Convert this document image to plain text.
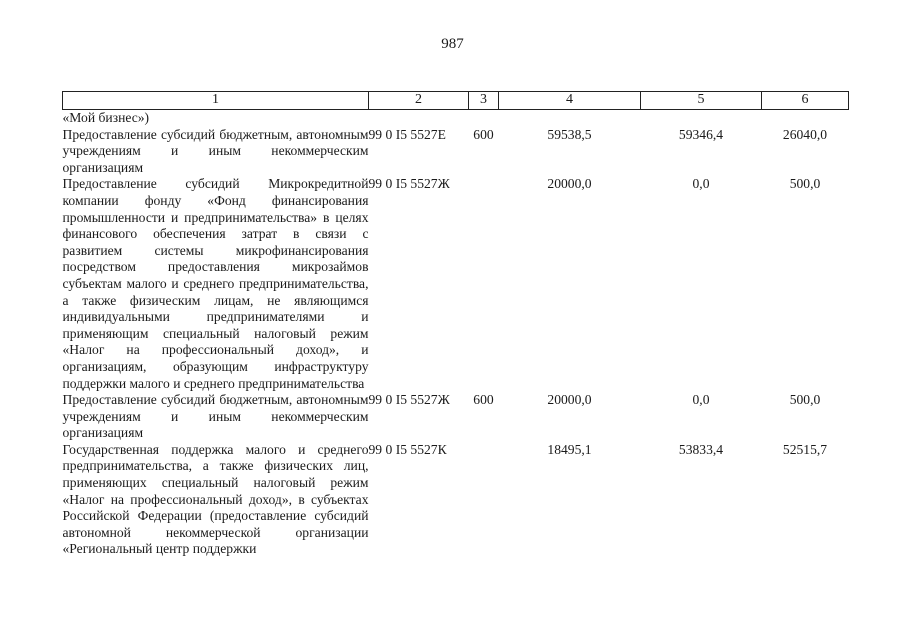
987
1	2	3	4	5	6
«Мой бизнес»)					
Предоставление субсидий бюджетным, автономным учреждениям и иным некоммерческим организациям	99 0 I5 5527Е	600	59538,5	59346,4	26040,0
Предоставление субсидий Микрокредитной компании фонду «Фонд финансирования промышленности и предпринимательства» в целях финансового обеспечения затрат в связи с развитием системы микрофинансирования посредством предоставления микрозаймов субъектам малого и среднего предпринимательства, а также физическим лицам, не являющимся индивидуальными предпринимателями и применяющим специальный налоговый режим «Налог на профессиональный доход», и организациям, образующим инфраструктуру поддержки малого и среднего предпринимательства	99 0 I5 5527Ж		20000,0	0,0	500,0
Предоставление субсидий бюджетным, автономным учреждениям и иным некоммерческим организациям	99 0 I5 5527Ж	600	20000,0	0,0	500,0
Государственная поддержка малого и среднего предпринимательства, а также физических лиц, применяющих специальный налоговый режим «Налог на профессиональный доход», в субъектах Российской Федерации (предоставление субсидий автономной некоммерческой организации «Региональный центр поддержки	99 0 I5 5527К		18495,1	53833,4	52515,7
